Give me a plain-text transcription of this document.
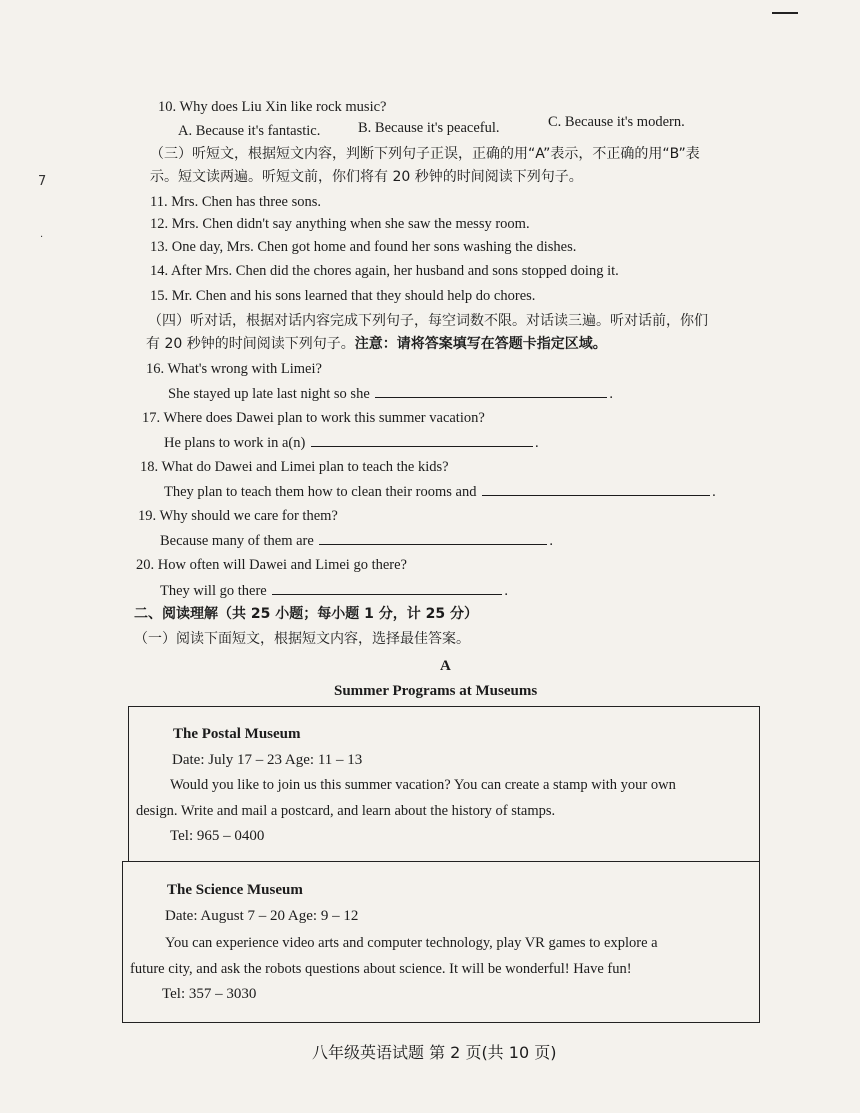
7
·
10. Why does Liu Xin like rock music?
A. Because it's fantastic.	B. Because it's peaceful.	C. Because it's modern.
（三）听短文，根据短文内容，判断下列句子正误，正确的用“A”表示，不正确的用“B”表
示。短文读两遍。听短文前，你们将有 20 秒钟的时间阅读下列句子。
11. Mrs. Chen has three sons.
12. Mrs. Chen didn't say anything when she saw the messy room.
13. One day, Mrs. Chen got home and found her sons washing the dishes.
14. After Mrs. Chen did the chores again, her husband and sons stopped doing it.
15. Mr. Chen and his sons learned that they should help do chores.
（四）听对话，根据对话内容完成下列句子，每空词数不限。对话读三遍。听对话前，你们
有 20 秒钟的时间阅读下列句子。注意：请将答案填写在答题卡指定区域。
16. What's wrong with Limei?
She stayed up late last night so she	.
17. Where does Dawei plan to work this summer vacation?
He plans to work in a(n)	.
18. What do Dawei and Limei plan to teach the kids?
They plan to teach them how to clean their rooms and	.
19. Why should we care for them?
Because many of them are	.
20. How often will Dawei and Limei go there?
They will go there	.
二、阅读理解（共 25 小题；每小题 1 分，计 25 分）
（一）阅读下面短文，根据短文内容，选择最佳答案。
A
Summer Programs at Museums
The Postal Museum
Date: July 17 – 23 Age: 11 – 13
Would you like to join us this summer vacation? You can create a stamp with your own
design. Write and mail a postcard, and learn about the history of stamps.
Tel: 965 – 0400
The Science Museum
Date: August 7 – 20 Age: 9 – 12
You can experience video arts and computer technology, play VR games to explore a
future city, and ask the robots questions about science. It will be wonderful! Have fun!
Tel: 357 – 3030
八年级英语试题 第 2 页(共 10 页)
